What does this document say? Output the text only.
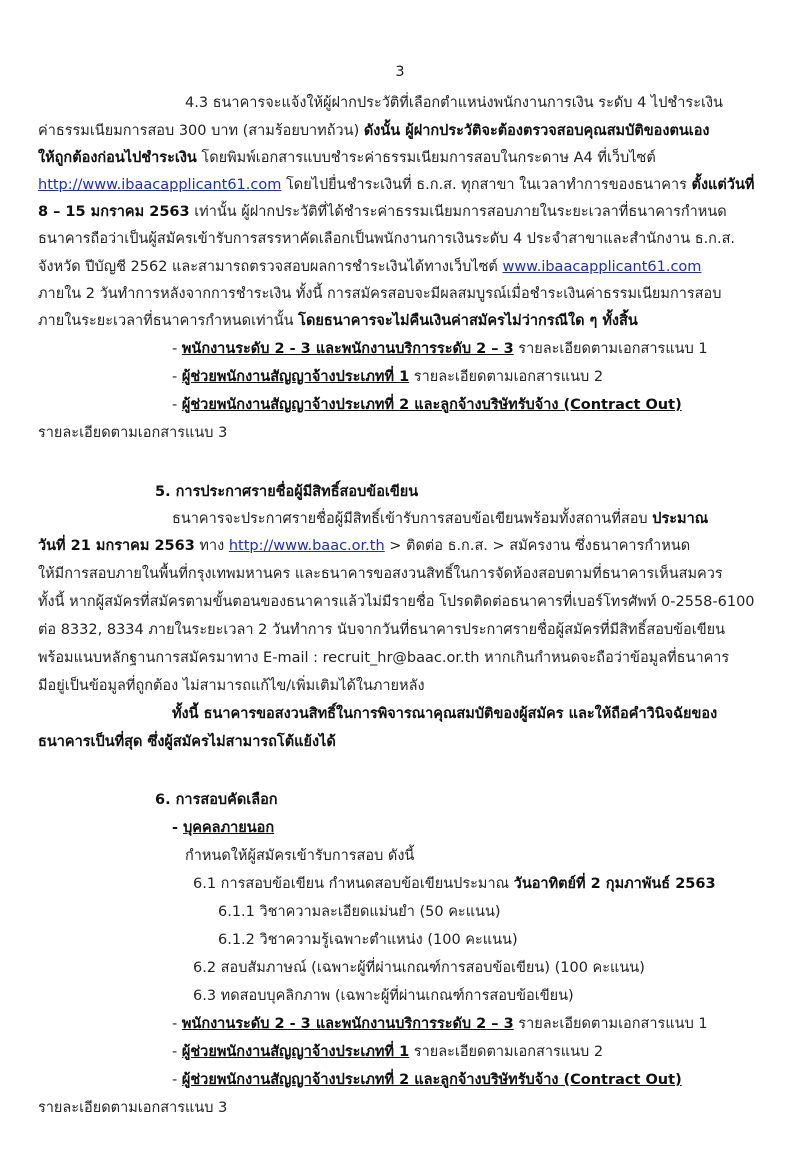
3
4.3 ธนาคารจะแจ้งให้ผู้ฝากประวัติที่เลือกตำแหน่งพนักงานการเงิน ระดับ 4 ไปชำระเงิน
ค่าธรรมเนียมการสอบ 300 บาท (สามร้อยบาทถ้วน) ดังนั้น ผู้ฝากประวัติจะต้องตรวจสอบคุณสมบัติของตนเอง
ให้ถูกต้องก่อนไปชำระเงิน โดยพิมพ์เอกสารแบบชำระค่าธรรมเนียมการสอบในกระดาษ A4 ที่เว็บไซต์
http://www.ibaacapplicant61.com โดยไปยื่นชำระเงินที่ ธ.ก.ส. ทุกสาขา ในเวลาทำการของธนาคาร ตั้งแต่วันที่
8 – 15 มกราคม 2563 เท่านั้น ผู้ฝากประวัติที่ได้ชำระค่าธรรมเนียมการสอบภายในระยะเวลาที่ธนาคารกำหนด
ธนาคารถือว่าเป็นผู้สมัครเข้ารับการสรรหาคัดเลือกเป็นพนักงานการเงินระดับ 4 ประจำสาขาและสำนักงาน ธ.ก.ส.
จังหวัด ปีบัญชี 2562 และสามารถตรวจสอบผลการชำระเงินได้ทางเว็บไซต์ www.ibaacapplicant61.com
ภายใน 2 วันทำการหลังจากการชำระเงิน ทั้งนี้ การสมัครสอบจะมีผลสมบูรณ์เมื่อชำระเงินค่าธรรมเนียมการสอบ
ภายในระยะเวลาที่ธนาคารกำหนดเท่านั้น โดยธนาคารจะไม่คืนเงินค่าสมัครไม่ว่ากรณีใด ๆ ทั้งสิ้น
- พนักงานระดับ 2 - 3 และพนักงานบริการระดับ 2 – 3 รายละเอียดตามเอกสารแนบ 1
- ผู้ช่วยพนักงานสัญญาจ้างประเภทที่ 1 รายละเอียดตามเอกสารแนบ 2
- ผู้ช่วยพนักงานสัญญาจ้างประเภทที่ 2 และลูกจ้างบริษัทรับจ้าง (Contract Out)
รายละเอียดตามเอกสารแนบ 3
5. การประกาศรายชื่อผู้มีสิทธิ์สอบข้อเขียน
ธนาคารจะประกาศรายชื่อผู้มีสิทธิ์เข้ารับการสอบข้อเขียนพร้อมทั้งสถานที่สอบ ประมาณ
วันที่ 21 มกราคม 2563 ทาง http://www.baac.or.th > ติดต่อ ธ.ก.ส. > สมัครงาน ซึ่งธนาคารกำหนด
ให้มีการสอบภายในพื้นที่กรุงเทพมหานคร และธนาคารขอสงวนสิทธิ์ในการจัดห้องสอบตามที่ธนาคารเห็นสมควร
ทั้งนี้ หากผู้สมัครที่สมัครตามขั้นตอนของธนาคารแล้วไม่มีรายชื่อ โปรดติดต่อธนาคารที่เบอร์โทรศัพท์ 0-2558-6100
ต่อ 8332, 8334 ภายในระยะเวลา 2 วันทำการ นับจากวันที่ธนาคารประกาศรายชื่อผู้สมัครที่มีสิทธิ์สอบข้อเขียน
พร้อมแนบหลักฐานการสมัครมาทาง E-mail : recruit_hr@baac.or.th หากเกินกำหนดจะถือว่าข้อมูลที่ธนาคาร
มีอยู่เป็นข้อมูลที่ถูกต้อง ไม่สามารถแก้ไข/เพิ่มเติมได้ในภายหลัง
ทั้งนี้ ธนาคารขอสงวนสิทธิ์ในการพิจารณาคุณสมบัติของผู้สมัคร และให้ถือคำวินิจฉัยของ
ธนาคารเป็นที่สุด ซึ่งผู้สมัครไม่สามารถโต้แย้งได้
6. การสอบคัดเลือก
- บุคคลภายนอก
กำหนดให้ผู้สมัครเข้ารับการสอบ ดังนี้
6.1 การสอบข้อเขียน กำหนดสอบข้อเขียนประมาณ วันอาทิตย์ที่ 2 กุมภาพันธ์ 2563
6.1.1 วิชาความละเอียดแม่นยำ (50 คะแนน)
6.1.2 วิชาความรู้เฉพาะตำแหน่ง (100 คะแนน)
6.2 สอบสัมภาษณ์ (เฉพาะผู้ที่ผ่านเกณฑ์การสอบข้อเขียน) (100 คะแนน)
6.3 ทดสอบบุคลิกภาพ (เฉพาะผู้ที่ผ่านเกณฑ์การสอบข้อเขียน)
- พนักงานระดับ 2 - 3 และพนักงานบริการระดับ 2 – 3 รายละเอียดตามเอกสารแนบ 1
- ผู้ช่วยพนักงานสัญญาจ้างประเภทที่ 1 รายละเอียดตามเอกสารแนบ 2
- ผู้ช่วยพนักงานสัญญาจ้างประเภทที่ 2 และลูกจ้างบริษัทรับจ้าง (Contract Out)
รายละเอียดตามเอกสารแนบ 3
